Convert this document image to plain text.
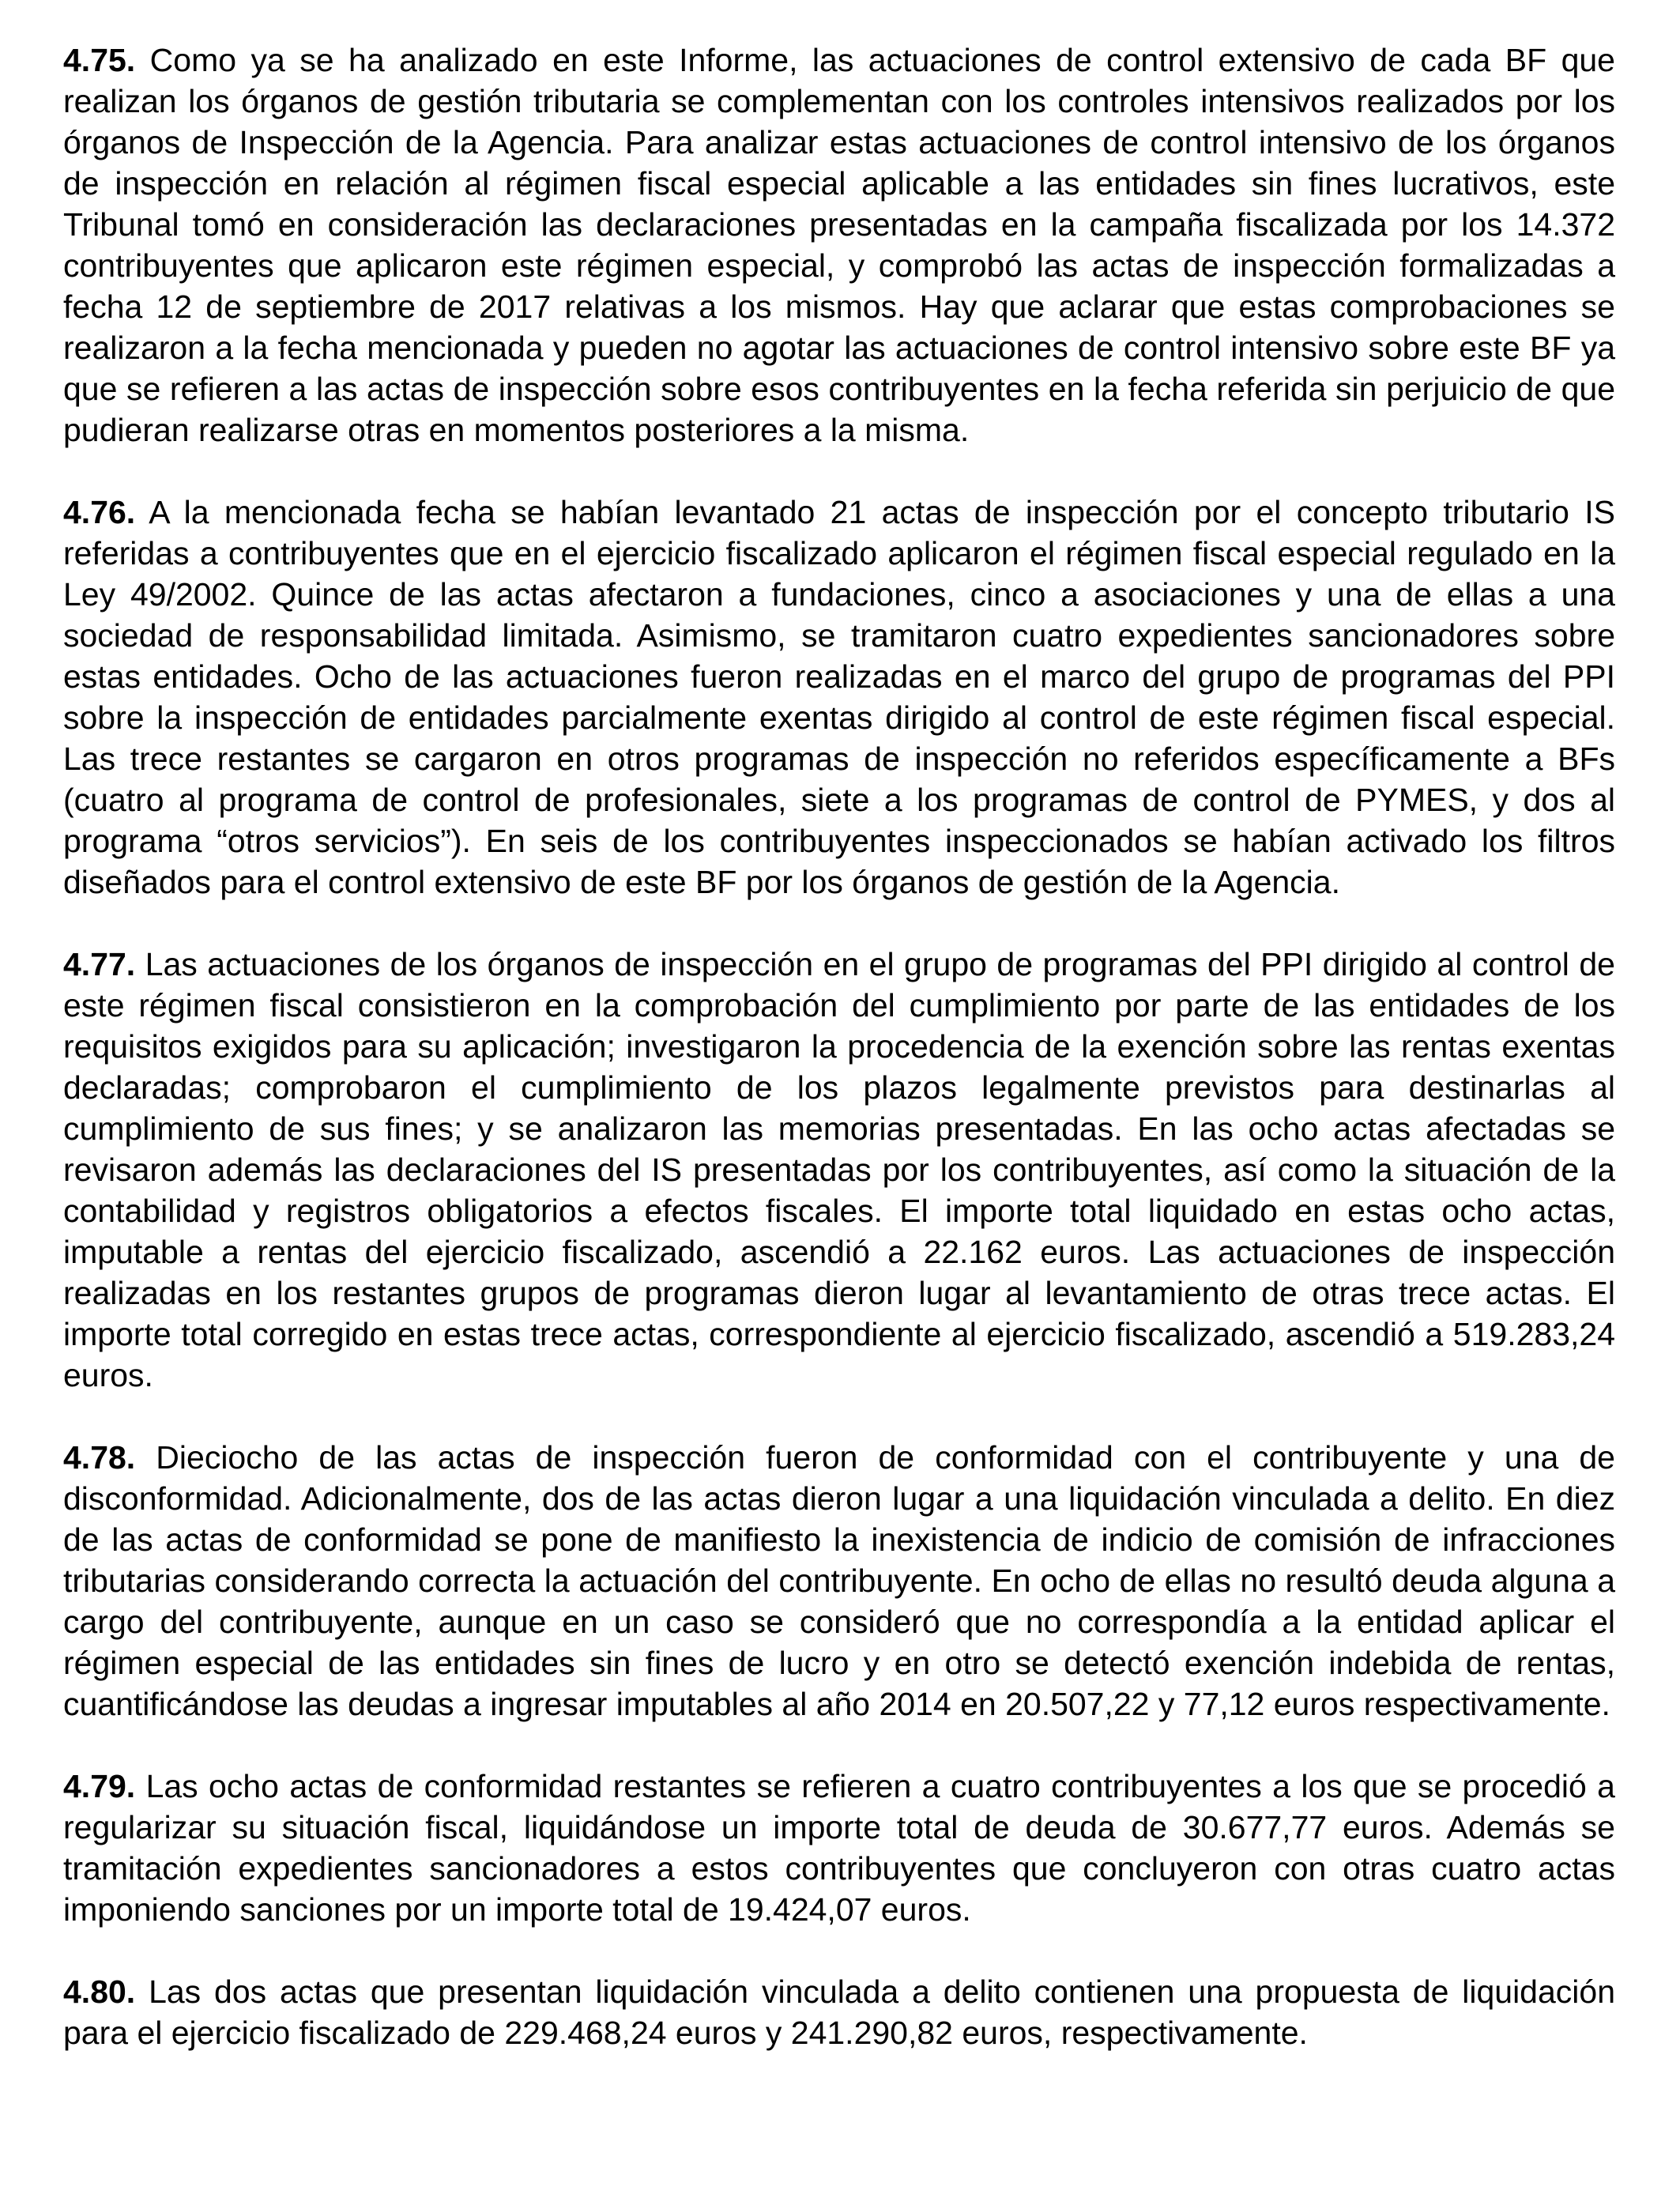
4.75. Como ya se ha analizado en este Informe, las actuaciones de control extensivo de cada BF que realizan los órganos de gestión tributaria se complementan con los controles intensivos realizados por los órganos de Inspección de la Agencia. Para analizar estas actuaciones de control intensivo de los órganos de inspección en relación al régimen fiscal especial aplicable a las entidades sin fines lucrativos, este Tribunal tomó en consideración las declaraciones presentadas en la campaña fiscalizada por los 14.372 contribuyentes que aplicaron este régimen especial, y comprobó las actas de inspección formalizadas a fecha 12 de septiembre de 2017 relativas a los mismos. Hay que aclarar que estas comprobaciones se realizaron a la fecha mencionada y pueden no agotar las actuaciones de control intensivo sobre este BF ya que se refieren a las actas de inspección sobre esos contribuyentes en la fecha referida sin perjuicio de que pudieran realizarse otras en momentos posteriores a la misma.

4.76. A la mencionada fecha se habían levantado 21 actas de inspección por el concepto tributario IS referidas a contribuyentes que en el ejercicio fiscalizado aplicaron el régimen fiscal especial regulado en la Ley 49/2002. Quince de las actas afectaron a fundaciones, cinco a asociaciones y una de ellas a una sociedad de responsabilidad limitada. Asimismo, se tramitaron cuatro expedientes sancionadores sobre estas entidades. Ocho de las actuaciones fueron realizadas en el marco del grupo de programas del PPI sobre la inspección de entidades parcialmente exentas dirigido al control de este régimen fiscal especial. Las trece restantes se cargaron en otros programas de inspección no referidos específicamente a BFs (cuatro al programa de control de profesionales, siete a los programas de control de PYMES, y dos al programa “otros servicios”). En seis de los contribuyentes inspeccionados se habían activado los filtros diseñados para el control extensivo de este BF por los órganos de gestión de la Agencia.

4.77. Las actuaciones de los órganos de inspección en el grupo de programas del PPI dirigido al control de este régimen fiscal consistieron en la comprobación del cumplimiento por parte de las entidades de los requisitos exigidos para su aplicación; investigaron la procedencia de la exención sobre las rentas exentas declaradas; comprobaron el cumplimiento de los plazos legalmente previstos para destinarlas al cumplimiento de sus fines; y se analizaron las memorias presentadas. En las ocho actas afectadas se revisaron además las declaraciones del IS presentadas por los contribuyentes, así como la situación de la contabilidad y registros obligatorios a efectos fiscales. El importe total liquidado en estas ocho actas, imputable a rentas del ejercicio fiscalizado, ascendió a 22.162 euros. Las actuaciones de inspección realizadas en los restantes grupos de programas dieron lugar al levantamiento de otras trece actas. El importe total corregido en estas trece actas, correspondiente al ejercicio fiscalizado, ascendió a 519.283,24 euros.

4.78. Dieciocho de las actas de inspección fueron de conformidad con el contribuyente y una de disconformidad. Adicionalmente, dos de las actas dieron lugar a una liquidación vinculada a delito. En diez de las actas de conformidad se pone de manifiesto la inexistencia de indicio de comisión de infracciones tributarias considerando correcta la actuación del contribuyente. En ocho de ellas no resultó deuda alguna a cargo del contribuyente, aunque en un caso se consideró que no correspondía a la entidad aplicar el régimen especial de las entidades sin fines de lucro y en otro se detectó exención indebida de rentas, cuantificándose las deudas a ingresar imputables al año 2014 en 20.507,22 y 77,12 euros respectivamente.

4.79. Las ocho actas de conformidad restantes se refieren a cuatro contribuyentes a los que se procedió a regularizar su situación fiscal, liquidándose un importe total de deuda de 30.677,77 euros. Además se tramitación expedientes sancionadores a estos contribuyentes que concluyeron con otras cuatro actas imponiendo sanciones por un importe total de 19.424,07 euros.

4.80. Las dos actas que presentan liquidación vinculada a delito contienen una propuesta de liquidación para el ejercicio fiscalizado de 229.468,24 euros y 241.290,82 euros, respectivamente.
